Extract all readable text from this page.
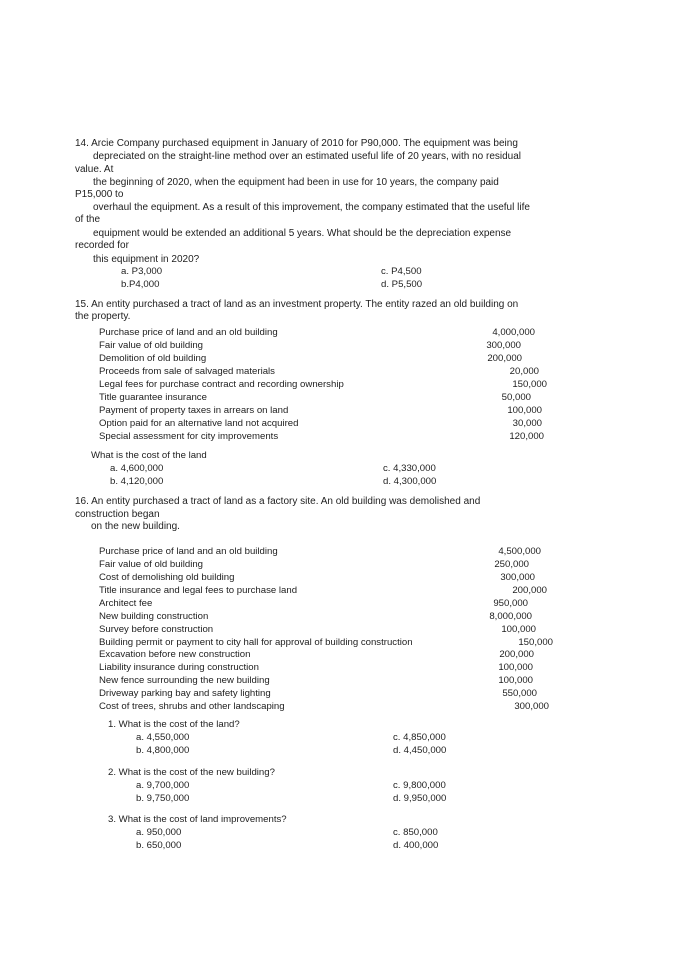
14. Arcie Company purchased equipment in January of 2010 for P90,000. The equipment was being
depreciated on the straight-line method over an estimated useful life of 20 years, with no residual
value. At
the beginning of 2020, when the equipment had been in use for 10 years, the company paid
P15,000 to
overhaul the equipment. As a result of this improvement, the company estimated that the useful life
of the
equipment would be extended an additional 5 years. What should be the depreciation expense
recorded for
this equipment in 2020?
a. P3,000
b.P4,000
c. P4,500
d. P5,500
15. An entity purchased a tract of land as an investment property. The entity razed an old building on
the property.
Purchase price of land and an old building	4,000,000
Fair value of old building	300,000
Demolition of old building	200,000
Proceeds from sale of salvaged materials	20,000
Legal fees for purchase contract and recording ownership	150,000
Title guarantee insurance	50,000
Payment of property taxes in arrears on land	100,000
Option paid for an alternative land not acquired	30,000
Special assessment for city improvements	120,000
What is the cost of the land
a. 4,600,000
b. 4,120,000
c. 4,330,000
d. 4,300,000
16. An entity purchased a tract of land as a factory site. An old building was demolished and
construction began
on the new building.
Purchase price of land and an old building	4,500,000
Fair value of old building	250,000
Cost of demolishing old building	300,000
Title insurance and legal fees to purchase land	200,000
Architect fee	950,000
New building construction	8,000,000
Survey before construction	100,000
Building permit or payment to city hall for approval of building construction	150,000
Excavation before new construction	200,000
Liability insurance during construction	100,000
New fence surrounding the new building	100,000
Driveway parking bay and safety lighting	550,000
Cost of trees, shrubs and other landscaping	300,000
1. What is the cost of the land?
a. 4,550,000
b. 4,800,000
c. 4,850,000
d. 4,450,000
2. What is the cost of the new building?
a. 9,700,000
b. 9,750,000
c. 9,800,000
d. 9,950,000
3. What is the cost of land improvements?
a. 950,000
b. 650,000
c. 850,000
d. 400,000
